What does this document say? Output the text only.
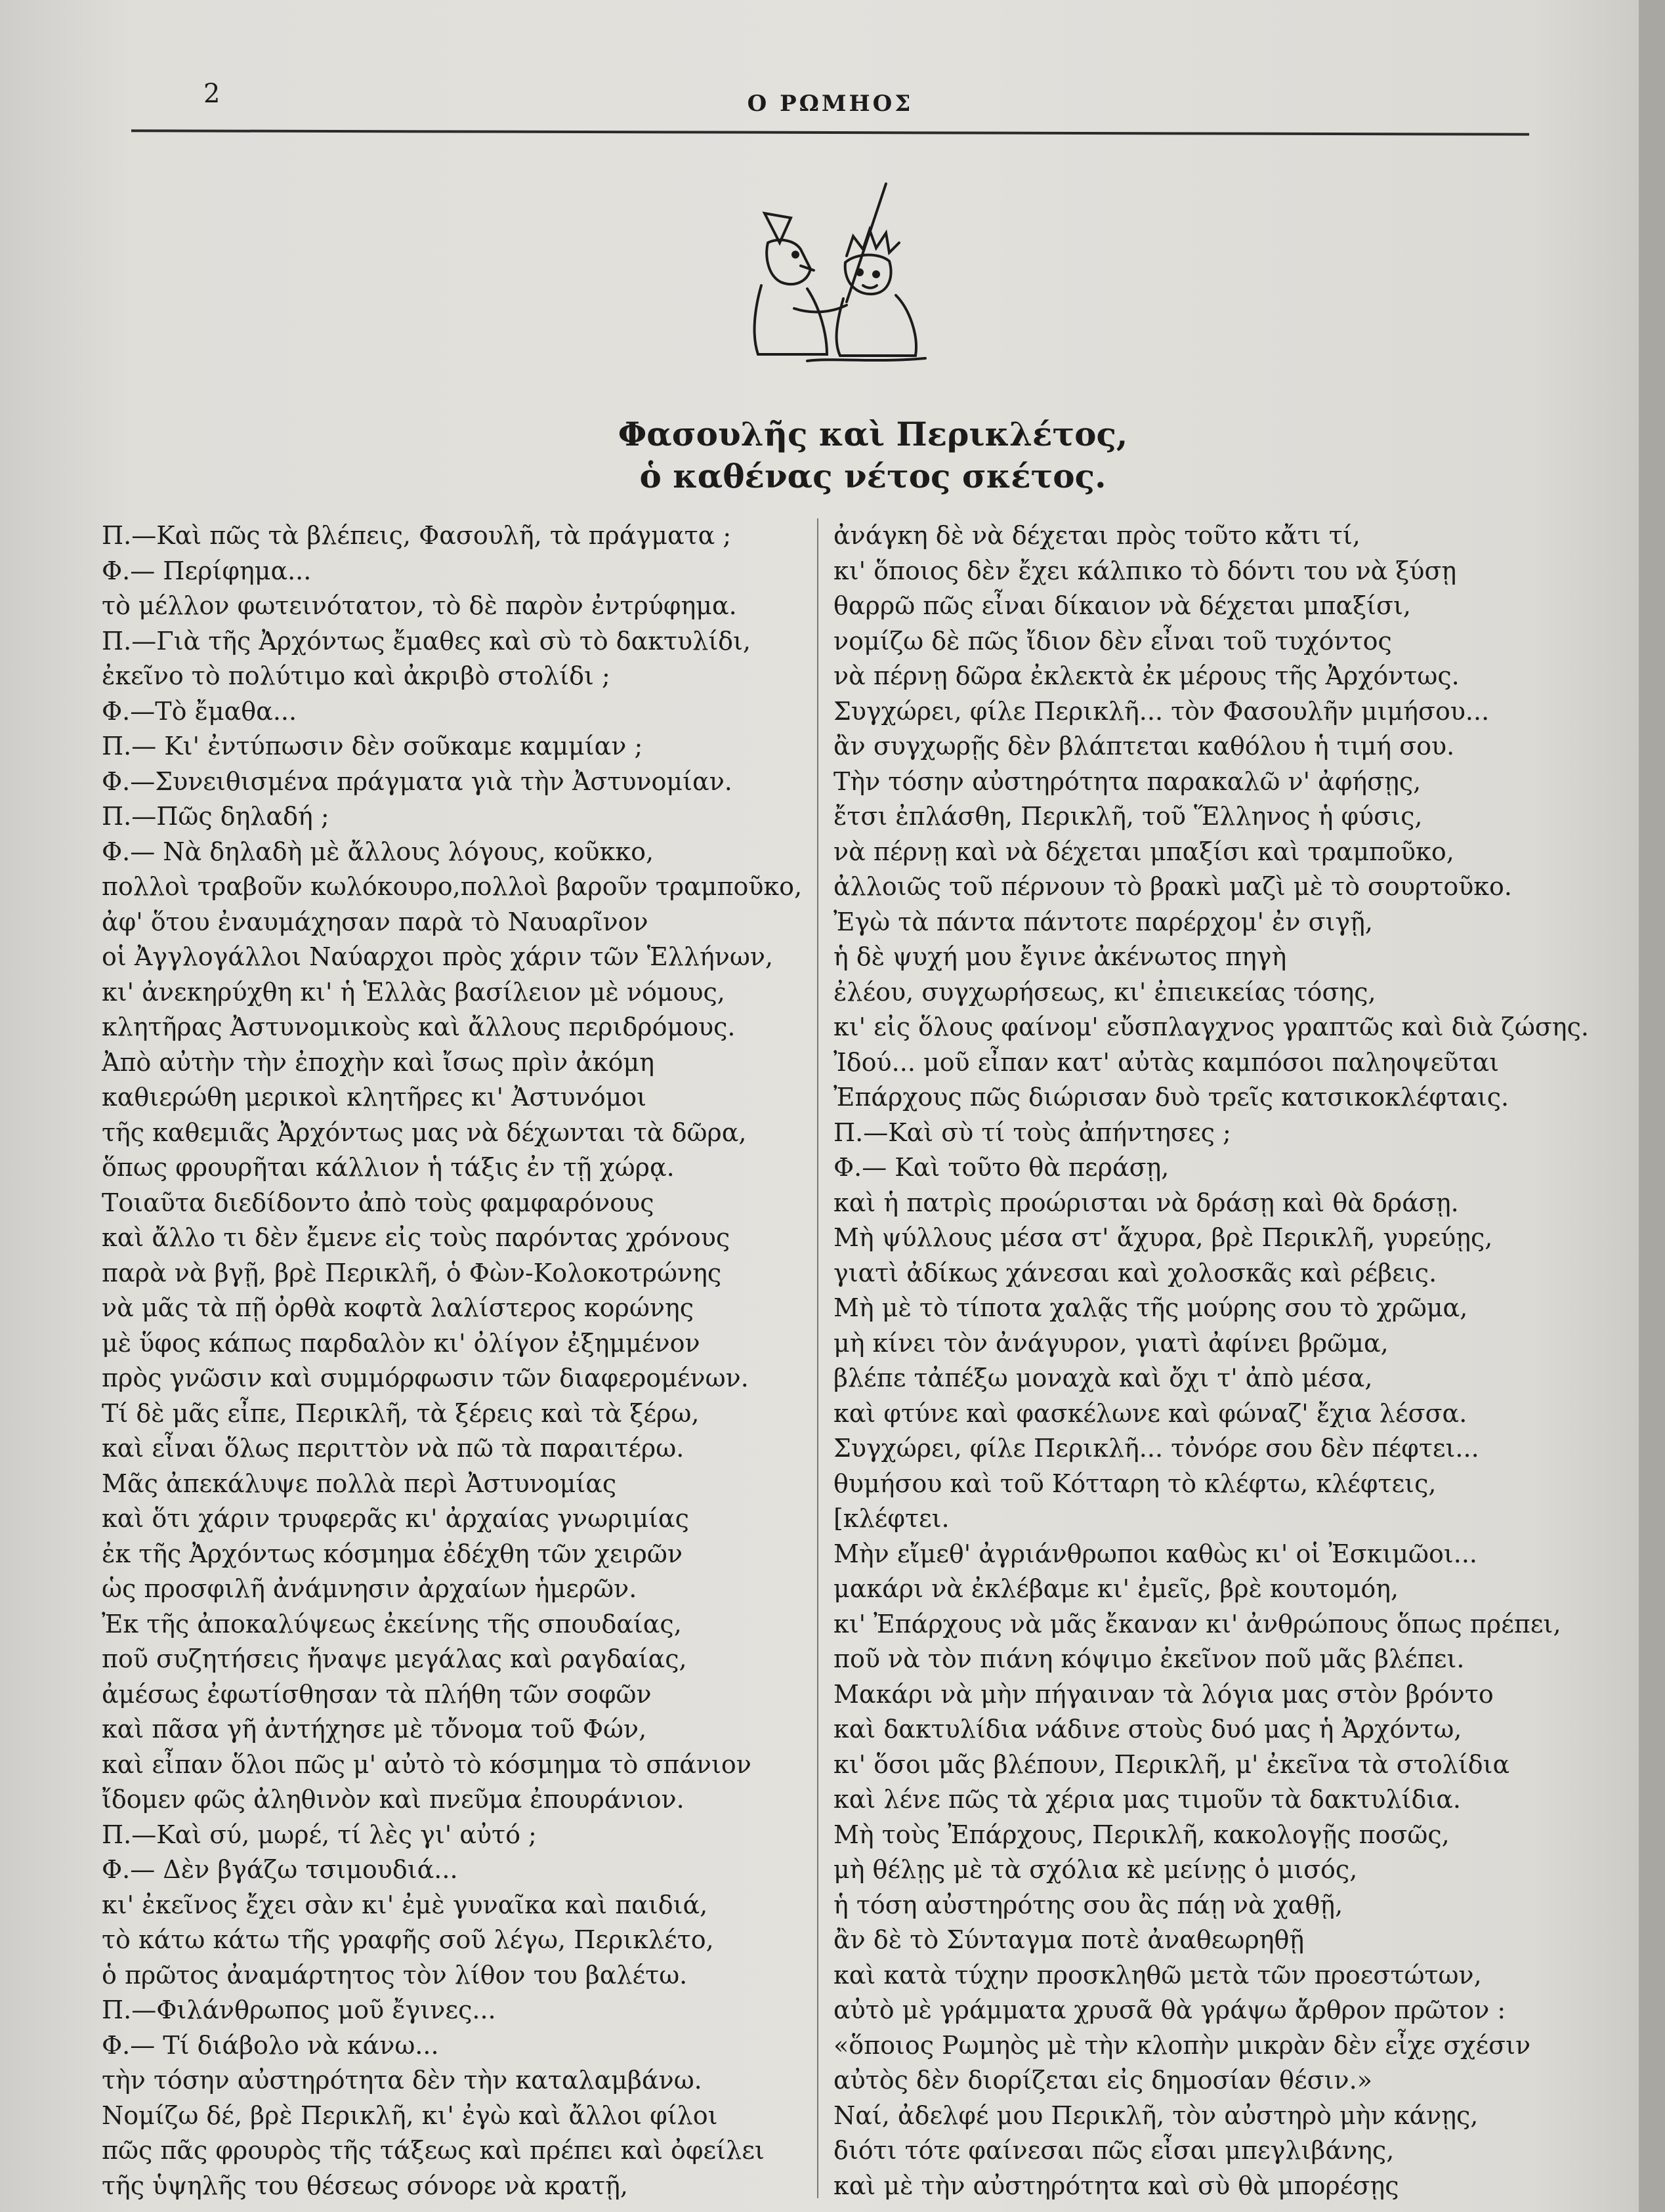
2	Ο ΡΩΜΗΟΣ
Φασουλῆς καὶ Περικλέτος,
ὁ καθένας νέτος σκέτος.
Π.—Καὶ πῶς τὰ βλέπεις, Φασουλῆ, τὰ πράγματα ;
Φ.— Περίφημα...
τὸ μέλλον φωτεινότατον, τὸ δὲ παρὸν ἐντρύφημα.
Π.—Γιὰ τῆς Ἀρχόντως ἔμαθες καὶ σὺ τὸ δακτυλίδι,
ἐκεῖνο τὸ πολύτιμο καὶ ἀκριβὸ στολίδι ;
Φ.—Τὸ ἔμαθα...
Π.— Κι' ἐντύπωσιν δὲν σοῦκαμε καμμίαν ;
Φ.—Συνειθισμένα πράγματα γιὰ τὴν Ἀστυνομίαν.
Π.—Πῶς δηλαδή ;
Φ.— Νὰ δηλαδὴ μὲ ἄλλους λόγους, κοῦκκο,
πολλοὶ τραβοῦν κωλόκουρο,πολλοὶ βαροῦν τραμποῦκο,
ἀφ' ὅτου ἐναυμάχησαν παρὰ τὸ Ναυαρῖνον
οἱ Ἀγγλογάλλοι Ναύαρχοι πρὸς χάριν τῶν Ἑλλήνων,
κι' ἀνεκηρύχθη κι' ἡ Ἑλλὰς βασίλειον μὲ νόμους,
κλητῆρας Ἀστυνομικοὺς καὶ ἄλλους περιδρόμους.
Ἀπὸ αὐτὴν τὴν ἐποχὴν καὶ ἴσως πρὶν ἀκόμη
καθιερώθη μερικοὶ κλητῆρες κι' Ἀστυνόμοι
τῆς καθεμιᾶς Ἀρχόντως μας νὰ δέχωνται τὰ δῶρα,
ὅπως φρουρῆται κάλλιον ἡ τάξις ἐν τῇ χώρᾳ.
Τοιαῦτα διεδίδοντο ἀπὸ τοὺς φαμφαρόνους
καὶ ἄλλο τι δὲν ἔμενε εἰς τοὺς παρόντας χρόνους
παρὰ νὰ βγῇ, βρὲ Περικλῆ, ὁ Φὼν-Κολοκοτρώνης
νὰ μᾶς τὰ πῇ ὀρθὰ κοφτὰ λαλίστερος κορώνης
μὲ ὕφος κάπως παρδαλὸν κι' ὀλίγον ἐξημμένον
πρὸς γνῶσιν καὶ συμμόρφωσιν τῶν διαφερομένων.
Τί δὲ μᾶς εἶπε, Περικλῆ, τὰ ξέρεις καὶ τὰ ξέρω,
καὶ εἶναι ὅλως περιττὸν νὰ πῶ τὰ παραιτέρω.
Μᾶς ἀπεκάλυψε πολλὰ περὶ Ἀστυνομίας
καὶ ὅτι χάριν τρυφερᾶς κι' ἀρχαίας γνωριμίας
ἐκ τῆς Ἀρχόντως κόσμημα ἐδέχθη τῶν χειρῶν
ὡς προσφιλῆ ἀνάμνησιν ἀρχαίων ἡμερῶν.
Ἐκ τῆς ἀποκαλύψεως ἐκείνης τῆς σπουδαίας,
ποῦ συζητήσεις ἤναψε μεγάλας καὶ ραγδαίας,
ἀμέσως ἐφωτίσθησαν τὰ πλήθη τῶν σοφῶν
καὶ πᾶσα γῆ ἀντήχησε μὲ τὄνομα τοῦ Φών,
καὶ εἶπαν ὅλοι πῶς μ' αὐτὸ τὸ κόσμημα τὸ σπάνιον
ἴδομεν φῶς ἀληθινὸν καὶ πνεῦμα ἐπουράνιον.
Π.—Καὶ σύ, μωρέ, τί λὲς γι' αὐτό ;
Φ.— Δὲν βγάζω τσιμουδιά...
κι' ἐκεῖνος ἔχει σὰν κι' ἐμὲ γυναῖκα καὶ παιδιά,
τὸ κάτω κάτω τῆς γραφῆς σοῦ λέγω, Περικλέτο,
ὁ πρῶτος ἀναμάρτητος τὸν λίθον του βαλέτω.
Π.—Φιλάνθρωπος μοῦ ἔγινες...
Φ.— Τί διάβολο νὰ κάνω...
τὴν τόσην αὐστηρότητα δὲν τὴν καταλαμβάνω.
Νομίζω δέ, βρὲ Περικλῆ, κι' ἐγὼ καὶ ἄλλοι φίλοι
πῶς πᾶς φρουρὸς τῆς τάξεως καὶ πρέπει καὶ ὀφείλει
τῆς ὑψηλῆς του θέσεως σόνορε νὰ κρατῇ,
ἀνάγκη δὲ νὰ δέχεται πρὸς τοῦτο κἄτι τί,
κι' ὅποιος δὲν ἔχει κάλπικο τὸ δόντι του νὰ ξύσῃ
θαρρῶ πῶς εἶναι δίκαιον νὰ δέχεται μπαξίσι,
νομίζω δὲ πῶς ἴδιον δὲν εἶναι τοῦ τυχόντος
νὰ πέρνῃ δῶρα ἐκλεκτὰ ἐκ μέρους τῆς Ἀρχόντως.
Συγχώρει, φίλε Περικλῆ... τὸν Φασουλῆν μιμήσου...
ἂν συγχωρῇς δὲν βλάπτεται καθόλου ἡ τιμή σου.
Τὴν τόσην αὐστηρότητα παρακαλῶ ν' ἀφήσῃς,
ἔτσι ἐπλάσθη, Περικλῆ, τοῦ Ἕλληνος ἡ φύσις,
νὰ πέρνῃ καὶ νὰ δέχεται μπαξίσι καὶ τραμποῦκο,
ἀλλοιῶς τοῦ πέρνουν τὸ βρακὶ μαζὶ μὲ τὸ σουρτοῦκο.
Ἐγὼ τὰ πάντα πάντοτε παρέρχομ' ἐν σιγῇ,
ἡ δὲ ψυχή μου ἔγινε ἀκένωτος πηγὴ
ἐλέου, συγχωρήσεως, κι' ἐπιεικείας τόσης,
κι' εἰς ὅλους φαίνομ' εὔσπλαγχνος γραπτῶς καὶ διὰ ζώσης.
Ἰδού... μοῦ εἶπαν κατ' αὐτὰς καμπόσοι παληοψεῦται
Ἐπάρχους πῶς διώρισαν δυὸ τρεῖς κατσικοκλέφταις.
Π.—Καὶ σὺ τί τοὺς ἀπήντησες ;
Φ.— Καὶ τοῦτο θὰ περάσῃ,
καὶ ἡ πατρὶς προώρισται νὰ δράσῃ καὶ θὰ δράσῃ.
Μὴ ψύλλους μέσα στ' ἄχυρα, βρὲ Περικλῆ, γυρεύῃς,
γιατὶ ἀδίκως χάνεσαι καὶ χολοσκᾶς καὶ ρέβεις.
Μὴ μὲ τὸ τίποτα χαλᾷς τῆς μούρης σου τὸ χρῶμα,
μὴ κίνει τὸν ἀνάγυρον, γιατὶ ἀφίνει βρῶμα,
βλέπε τἀπέξω μοναχὰ καὶ ὄχι τ' ἀπὸ μέσα,
καὶ φτύνε καὶ φασκέλωνε καὶ φώναζ' ἔχια λέσσα.
Συγχώρει, φίλε Περικλῆ... τὀνόρε σου δὲν πέφτει...
θυμήσου καὶ τοῦ Κότταρη τὸ κλέφτω, κλέφτεις,
[κλέφτει.
Μὴν εἴμεθ' ἀγριάνθρωποι καθὼς κι' οἱ Ἐσκιμῶοι...
μακάρι νὰ ἐκλέβαμε κι' ἐμεῖς, βρὲ κουτομόη,
κι' Ἐπάρχους νὰ μᾶς ἔκαναν κι' ἀνθρώπους ὅπως πρέπει,
ποῦ νὰ τὸν πιάνη κόψιμο ἐκεῖνον ποῦ μᾶς βλέπει.
Μακάρι νὰ μὴν πήγαιναν τὰ λόγια μας στὸν βρόντο
καὶ δακτυλίδια νάδινε στοὺς δυό μας ἡ Ἀρχόντω,
κι' ὅσοι μᾶς βλέπουν, Περικλῆ, μ' ἐκεῖνα τὰ στολίδια
καὶ λένε πῶς τὰ χέρια μας τιμοῦν τὰ δακτυλίδια.
Μὴ τοὺς Ἐπάρχους, Περικλῆ, κακολογῇς ποσῶς,
μὴ θέλῃς μὲ τὰ σχόλια κὲ μείνῃς ὁ μισός,
ἡ τόση αὐστηρότης σου ἂς πάῃ νὰ χαθῇ,
ἂν δὲ τὸ Σύνταγμα ποτὲ ἀναθεωρηθῇ
καὶ κατὰ τύχην προσκληθῶ μετὰ τῶν προεστώτων,
αὐτὸ μὲ γράμματα χρυσᾶ θὰ γράψω ἄρθρον πρῶτον :
«ὅποιος Ρωμηὸς μὲ τὴν κλοπὴν μικρὰν δὲν εἶχε σχέσιν
αὐτὸς δὲν διορίζεται εἰς δημοσίαν θέσιν.»
Ναί, ἀδελφέ μου Περικλῆ, τὸν αὐστηρὸ μὴν κάνῃς,
διότι τότε φαίνεσαι πῶς εἶσαι μπεγλιβάνης,
καὶ μὲ τὴν αὐστηρότητα καὶ σὺ θὰ μπορέσῃς
